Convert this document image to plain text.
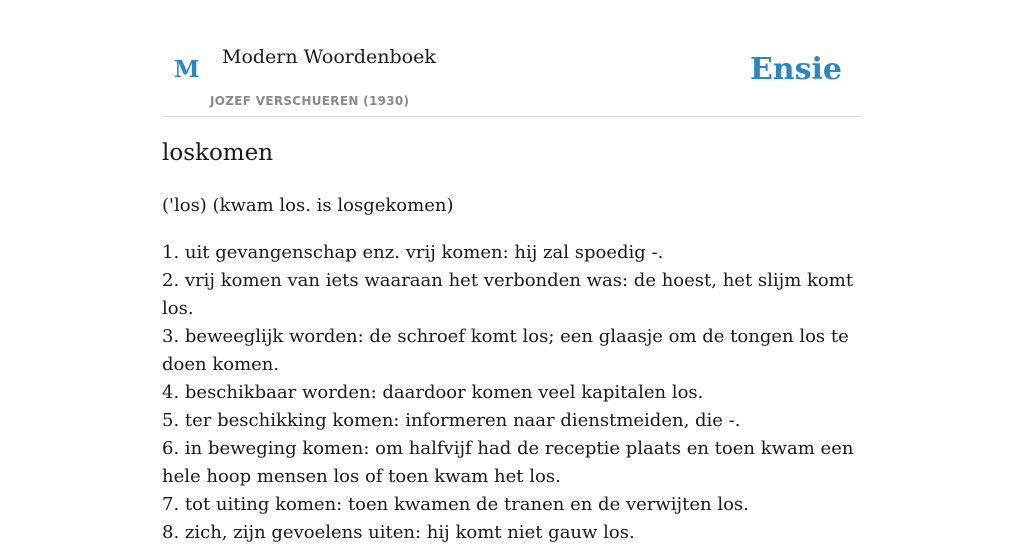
M Modern Woordenboek
JOZEF VERSCHUEREN (1930)
Ensie
loskomen
('los) (kwam los. is losgekomen)
1. uit gevangenschap enz. vrij komen: hij zal spoedig -.
2. vrij komen van iets waaraan het verbonden was: de hoest, het slijm komt los.
3. beweeglijk worden: de schroef komt los; een glaasje om de tongen los te doen komen.
4. beschikbaar worden: daardoor komen veel kapitalen los.
5. ter beschikking komen: informeren naar dienstmeiden, die -.
6. in beweging komen: om halfvijf had de receptie plaats en toen kwam een hele hoop mensen los of toen kwam het los.
7. tot uiting komen: toen kwamen de tranen en de verwijten los.
8. zich, zijn gevoelens uiten: hij komt niet gauw los.
